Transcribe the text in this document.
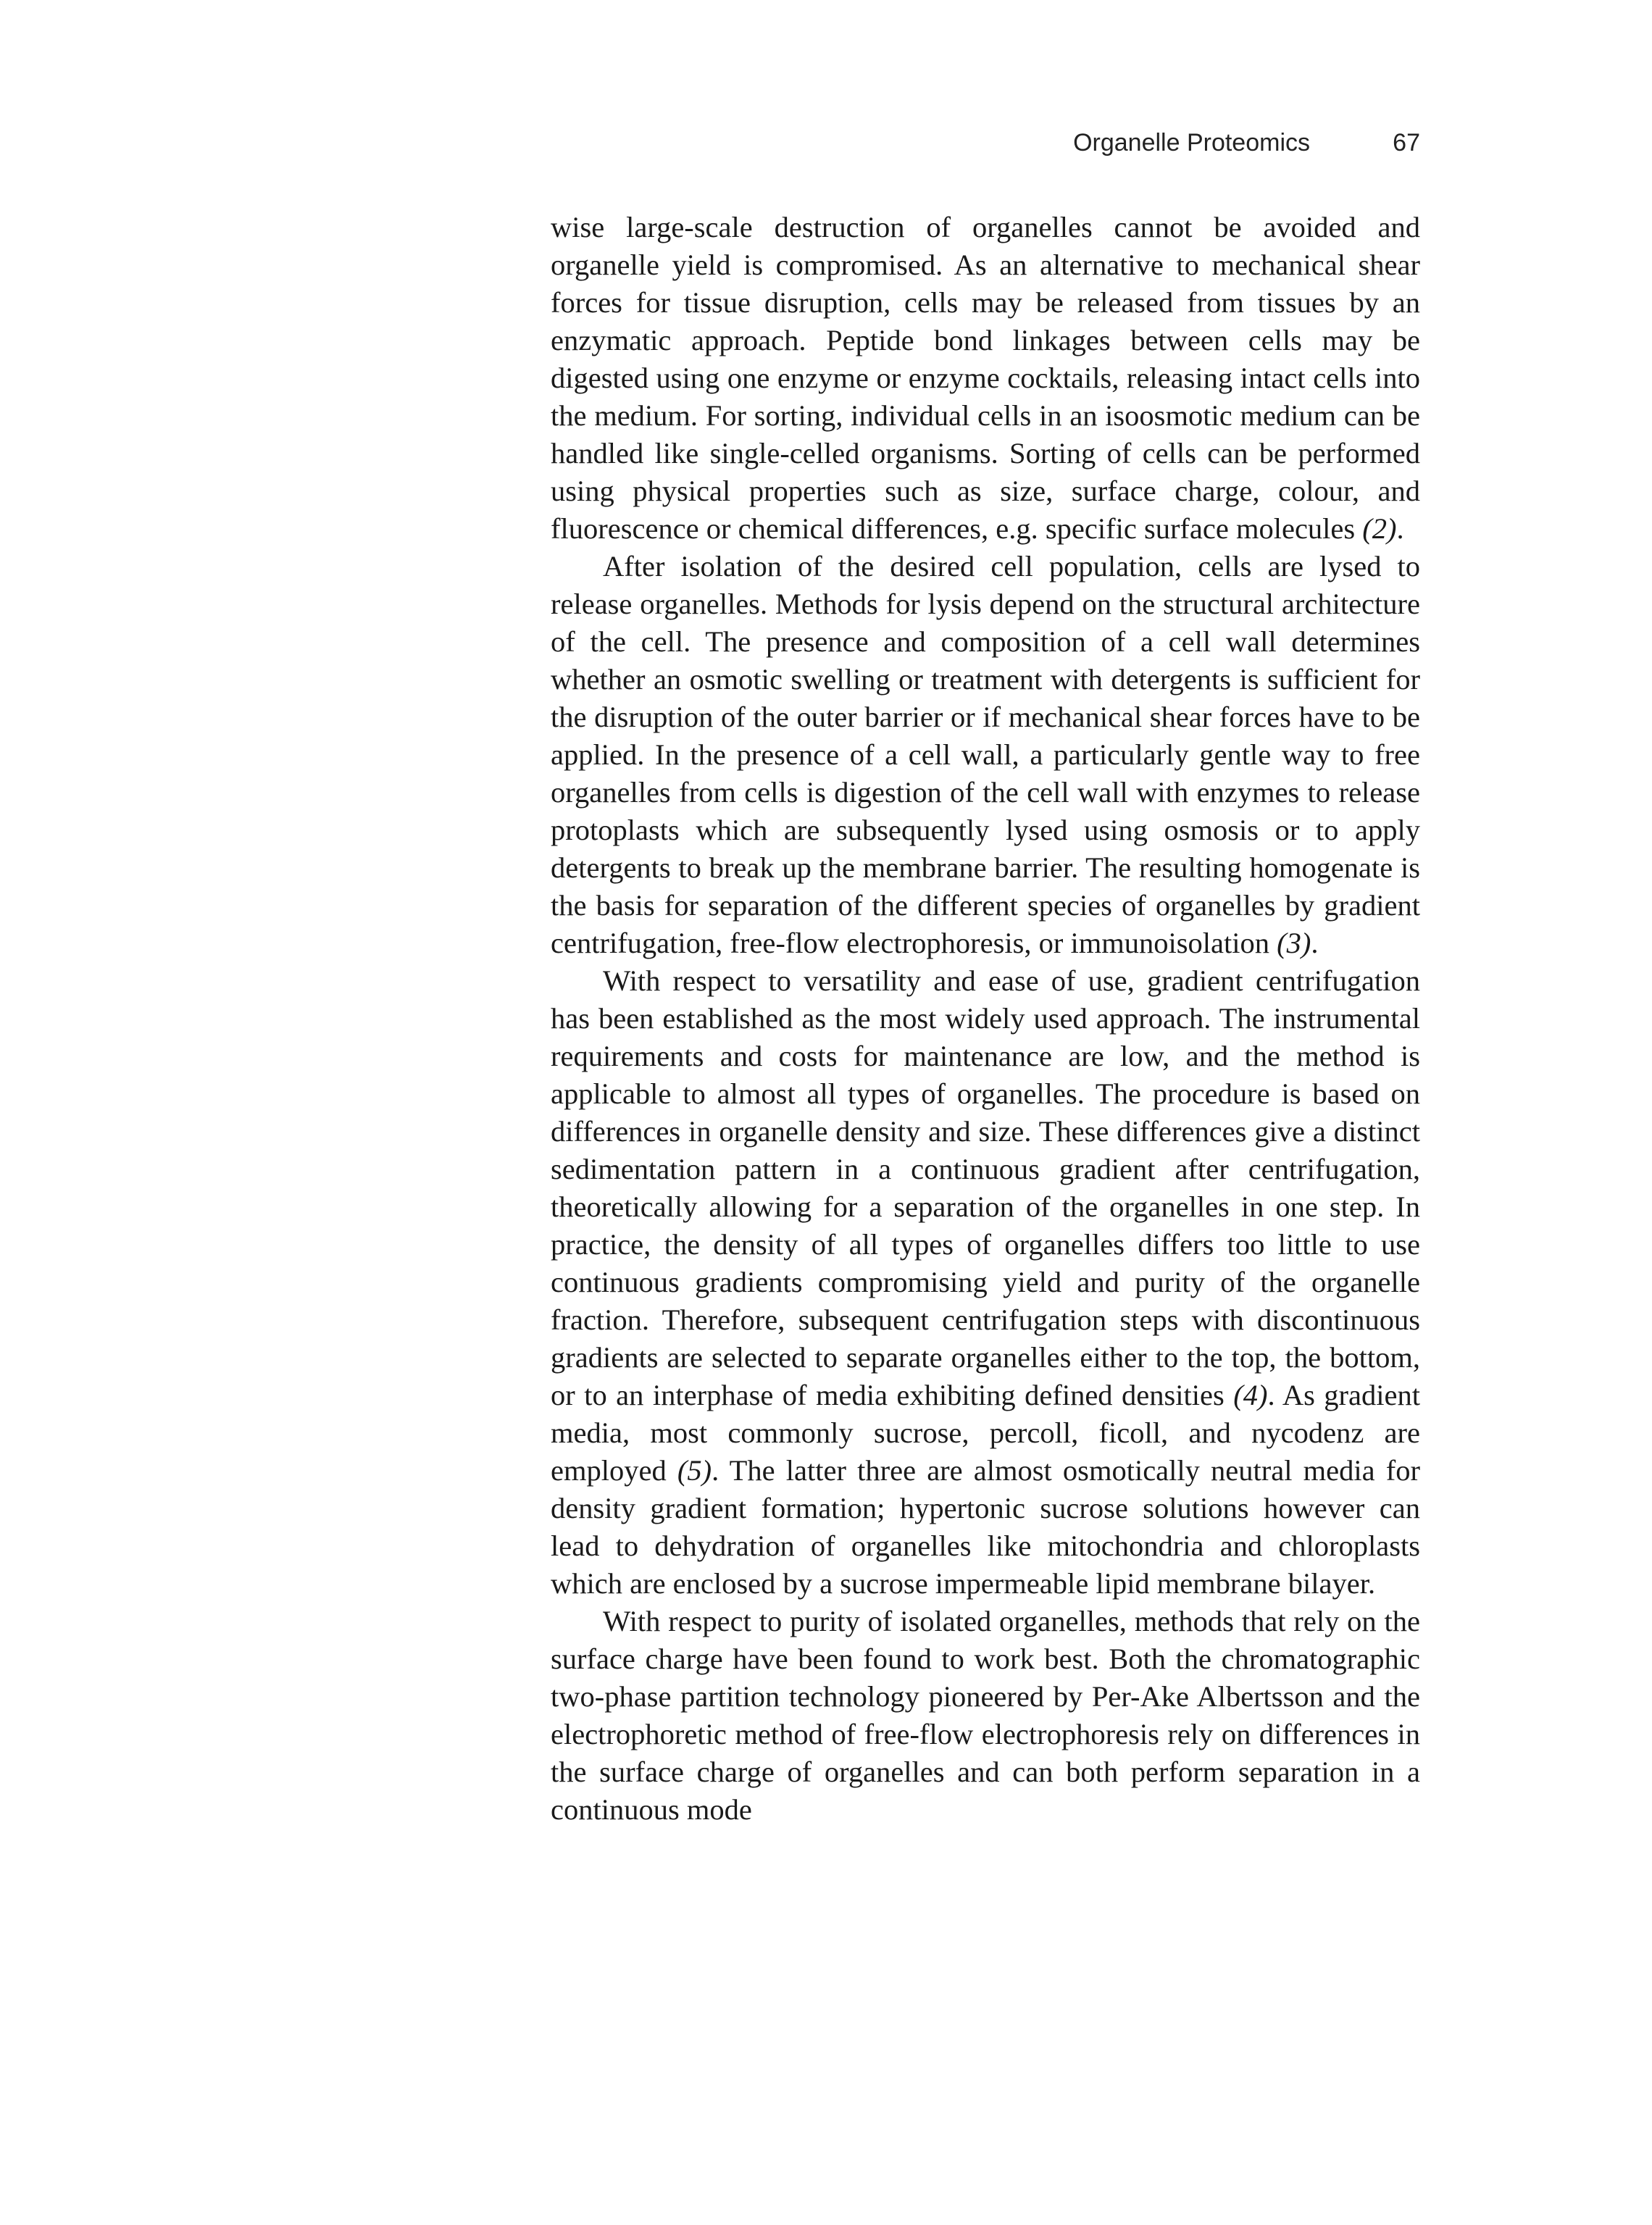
Organelle Proteomics	67

wise large-scale destruction of organelles cannot be avoided and organelle yield is compromised. As an alternative to mechanical shear forces for tissue disruption, cells may be released from tissues by an enzymatic approach. Peptide bond linkages between cells may be digested using one enzyme or enzyme cocktails, releasing intact cells into the medium. For sorting, individual cells in an isoosmotic medium can be handled like single-celled organisms. Sorting of cells can be performed using physical properties such as size, surface charge, colour, and fluorescence or chemical differences, e.g. specific surface molecules (2).

After isolation of the desired cell population, cells are lysed to release organelles. Methods for lysis depend on the structural architecture of the cell. The presence and composition of a cell wall determines whether an osmotic swelling or treatment with detergents is sufficient for the disruption of the outer barrier or if mechanical shear forces have to be applied. In the presence of a cell wall, a particularly gentle way to free organelles from cells is digestion of the cell wall with enzymes to release protoplasts which are subsequently lysed using osmosis or to apply detergents to break up the membrane barrier. The resulting homogenate is the basis for separation of the different species of organelles by gradient centrifugation, free-flow electrophoresis, or immunoisolation (3).

With respect to versatility and ease of use, gradient centrifugation has been established as the most widely used approach. The instrumental requirements and costs for maintenance are low, and the method is applicable to almost all types of organelles. The procedure is based on differences in organelle density and size. These differences give a distinct sedimentation pattern in a continuous gradient after centrifugation, theoretically allowing for a separation of the organelles in one step. In practice, the density of all types of organelles differs too little to use continuous gradients compromising yield and purity of the organelle fraction. Therefore, subsequent centrifugation steps with discontinuous gradients are selected to separate organelles either to the top, the bottom, or to an interphase of media exhibiting defined densities (4). As gradient media, most commonly sucrose, percoll, ficoll, and nycodenz are employed (5). The latter three are almost osmotically neutral media for density gradient formation; hypertonic sucrose solutions however can lead to dehydration of organelles like mitochondria and chloroplasts which are enclosed by a sucrose impermeable lipid membrane bilayer.

With respect to purity of isolated organelles, methods that rely on the surface charge have been found to work best. Both the chromatographic two-phase partition technology pioneered by Per-Ake Albertsson and the electrophoretic method of free-flow electrophoresis rely on differences in the surface charge of organelles and can both perform separation in a continuous mode
